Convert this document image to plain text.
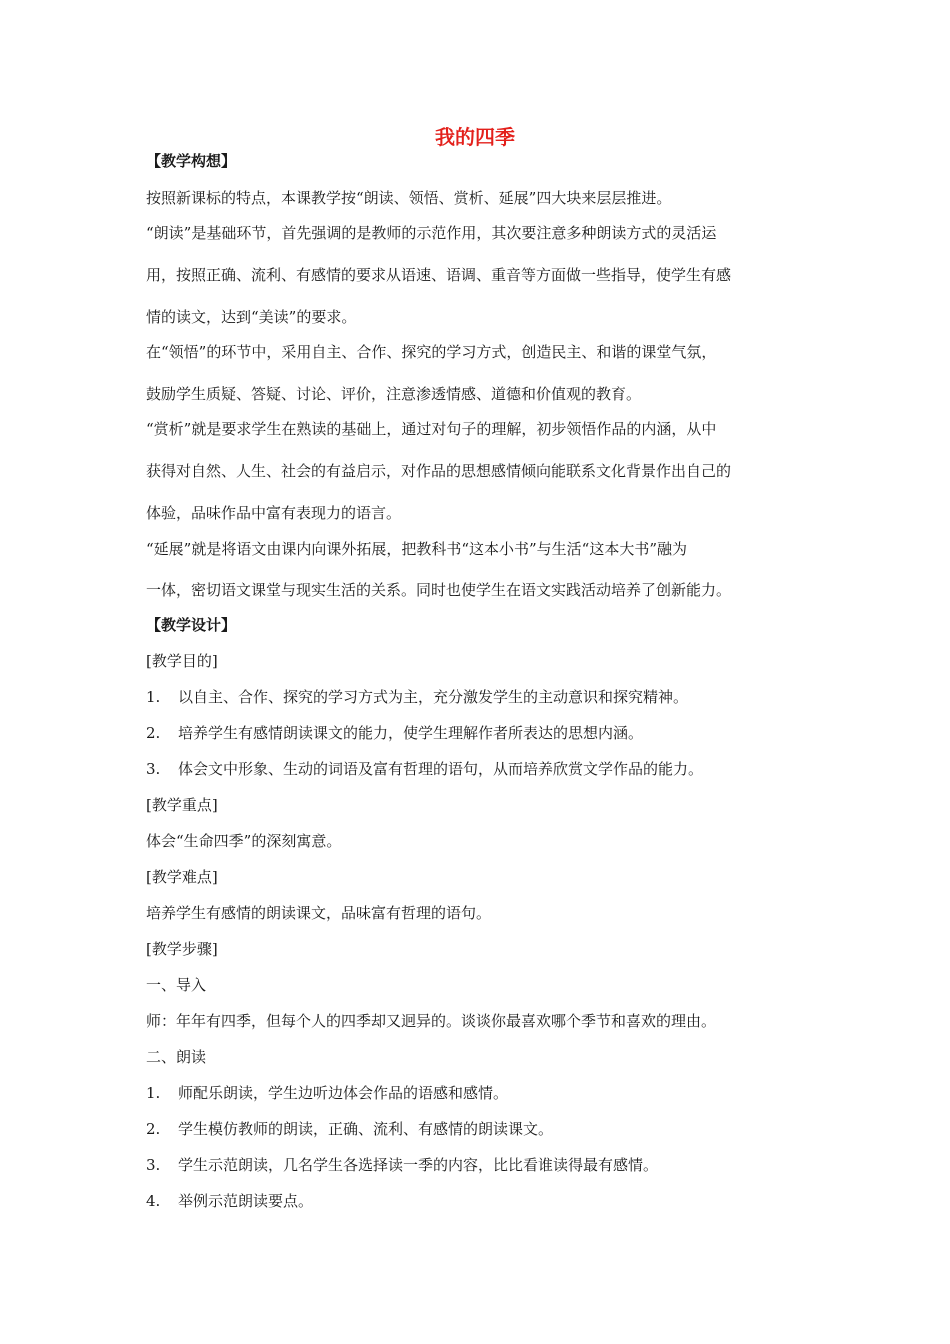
我的四季
【教学构想】
按照新课标的特点，本课教学按“朗读、领悟、赏析、延展”四大块来层层推进。
“朗读”是基础环节，首先强调的是教师的示范作用，其次要注意多种朗读方式的灵活运
用，按照正确、流利、有感情的要求从语速、语调、重音等方面做一些指导，使学生有感
情的读文，达到“美读”的要求。
在“领悟”的环节中，采用自主、合作、探究的学习方式，创造民主、和谐的课堂气氛，
鼓励学生质疑、答疑、讨论、评价，注意渗透情感、道德和价值观的教育。
“赏析”就是要求学生在熟读的基础上，通过对句子的理解，初步领悟作品的内涵，从中
获得对自然、人生、社会的有益启示，对作品的思想感情倾向能联系文化背景作出自己的
体验，品味作品中富有表现力的语言。
“延展”就是将语文由课内向课外拓展，把教科书“这本小书”与生活“这本大书”融为
一体，密切语文课堂与现实生活的关系。同时也使学生在语文实践活动培养了创新能力。
【教学设计】
[教学目的]
1. 以自主、合作、探究的学习方式为主，充分激发学生的主动意识和探究精神。
2. 培养学生有感情朗读课文的能力，使学生理解作者所表达的思想内涵。
3. 体会文中形象、生动的词语及富有哲理的语句，从而培养欣赏文学作品的能力。
[教学重点]
体会“生命四季”的深刻寓意。
[教学难点]
培养学生有感情的朗读课文，品味富有哲理的语句。
[教学步骤]
一、导入
师：年年有四季，但每个人的四季却又迥异的。谈谈你最喜欢哪个季节和喜欢的理由。
二、朗读
1. 师配乐朗读，学生边听边体会作品的语感和感情。
2. 学生模仿教师的朗读，正确、流利、有感情的朗读课文。
3. 学生示范朗读，几名学生各选择读一季的内容，比比看谁读得最有感情。
4. 举例示范朗读要点。
